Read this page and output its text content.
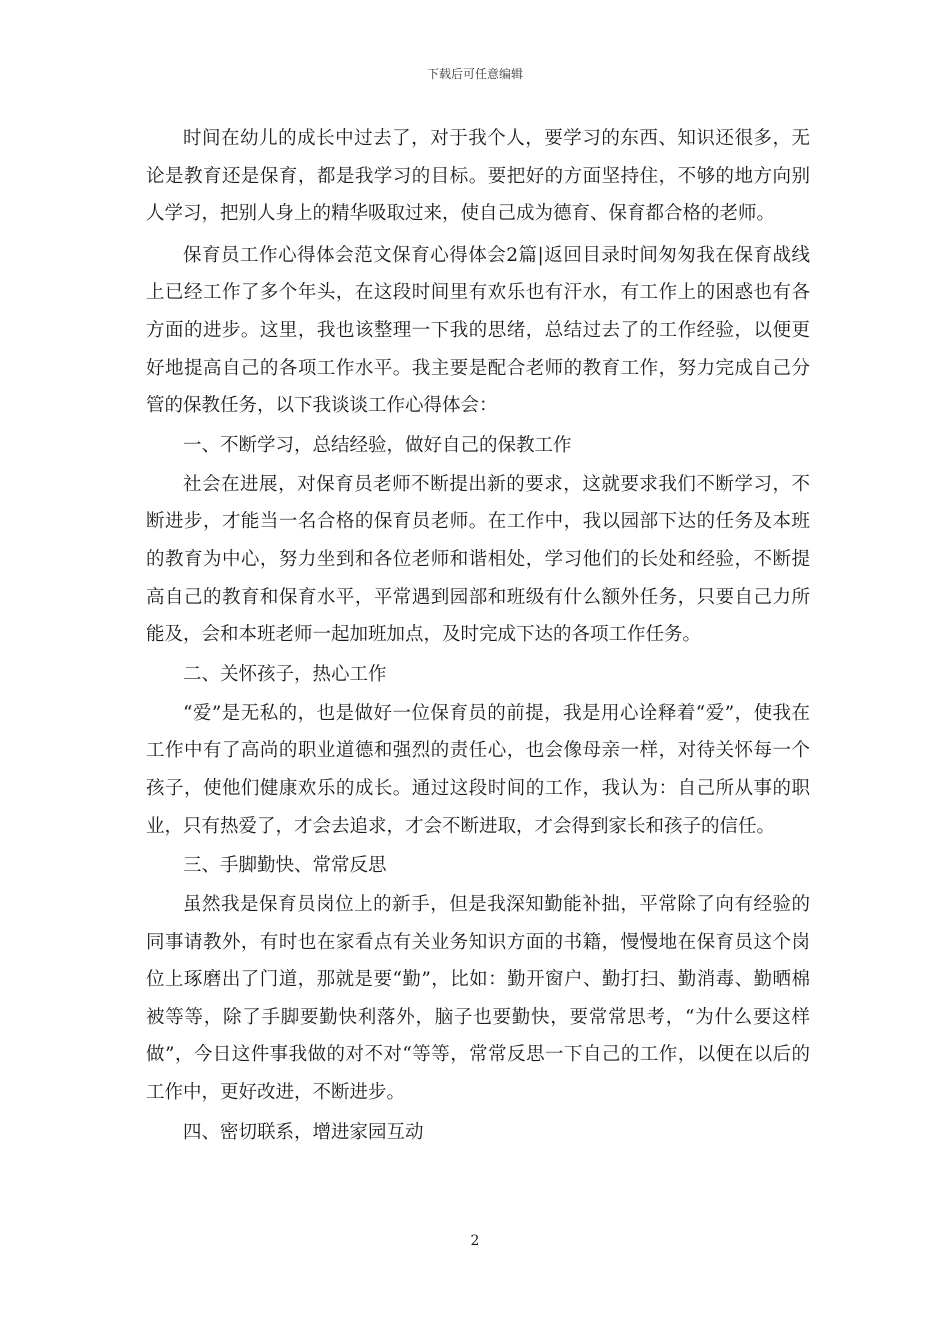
下载后可任意编辑

时间在幼儿的成长中过去了，对于我个人，要学习的东西、知识还很多，无论是教育还是保育，都是我学习的目标。要把好的方面坚持住，不够的地方向别人学习，把别人身上的精华吸取过来，使自己成为德育、保育都合格的老师。

保育员工作心得体会范文保育心得体会2篇|返回目录时间匆匆我在保育战线上已经工作了多个年头，在这段时间里有欢乐也有汗水，有工作上的困惑也有各方面的进步。这里，我也该整理一下我的思绪，总结过去了的工作经验，以便更好地提高自己的各项工作水平。我主要是配合老师的教育工作，努力完成自己分管的保教任务，以下我谈谈工作心得体会：

一、不断学习，总结经验，做好自己的保教工作

社会在进展，对保育员老师不断提出新的要求，这就要求我们不断学习，不断进步，才能当一名合格的保育员老师。在工作中，我以园部下达的任务及本班的教育为中心，努力坐到和各位老师和谐相处，学习他们的长处和经验，不断提高自己的教育和保育水平，平常遇到园部和班级有什么额外任务，只要自己力所能及，会和本班老师一起加班加点，及时完成下达的各项工作任务。

二、关怀孩子，热心工作

“爱”是无私的，也是做好一位保育员的前提，我是用心诠释着“爱”，使我在工作中有了高尚的职业道德和强烈的责任心，也会像母亲一样，对待关怀每一个孩子，使他们健康欢乐的成长。通过这段时间的工作，我认为：自己所从事的职业，只有热爱了，才会去追求，才会不断进取，才会得到家长和孩子的信任。

三、手脚勤快、常常反思

虽然我是保育员岗位上的新手，但是我深知勤能补拙，平常除了向有经验的同事请教外，有时也在家看点有关业务知识方面的书籍，慢慢地在保育员这个岗位上琢磨出了门道，那就是要“勤”，比如：勤开窗户、勤打扫、勤消毒、勤晒棉被等等，除了手脚要勤快利落外，脑子也要勤快，要常常思考，“为什么要这样做”，今日这件事我做的对不对“等等，常常反思一下自己的工作，以便在以后的工作中，更好改进，不断进步。

四、密切联系，增进家园互动

2
